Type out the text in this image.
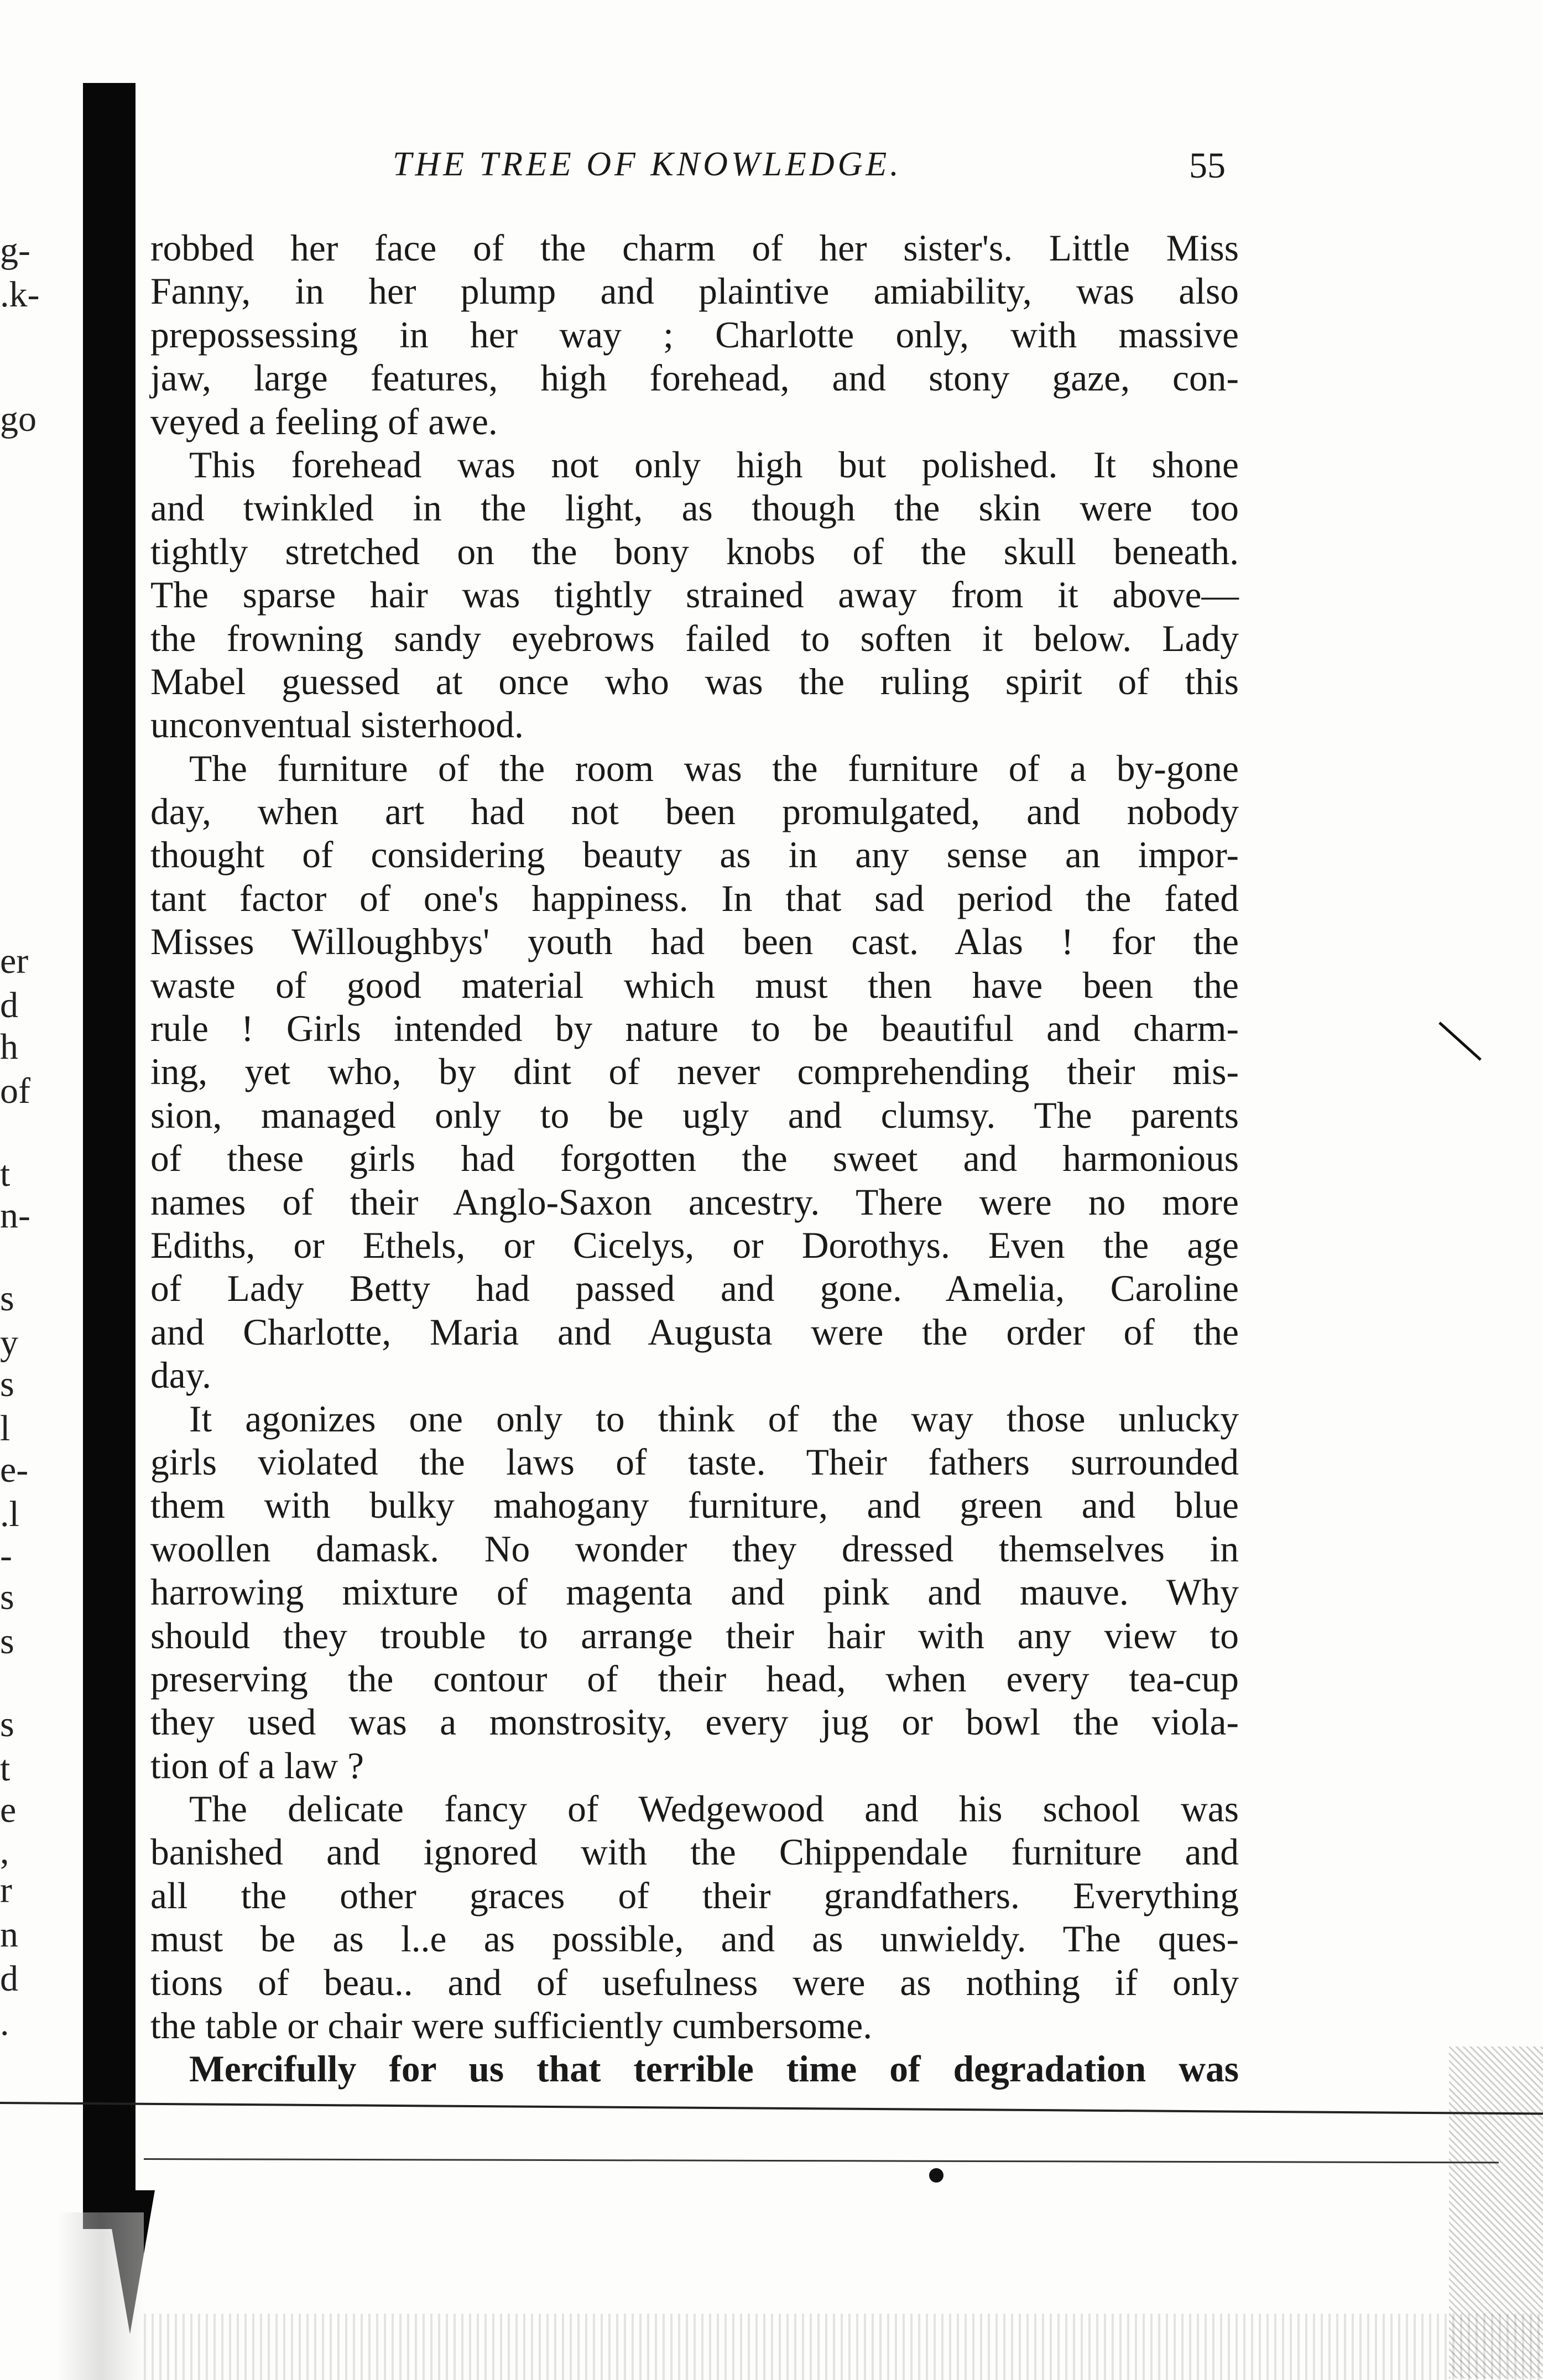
THE TREE OF KNOWLEDGE.	55
g-
.k-
go
er
d
h
of
t
n-
s
y
s
l
e-
.l
-
s
s
s
t
e
,
r
n
d
.
robbed her face of the charm of her sister's. Little Miss
Fanny, in her plump and plaintive amiability, was also
prepossessing in her way ; Charlotte only, with massive
jaw, large features, high forehead, and stony gaze, con-
veyed a feeling of awe.
This forehead was not only high but polished. It shone
and twinkled in the light, as though the skin were too
tightly stretched on the bony knobs of the skull beneath.
The sparse hair was tightly strained away from it above—
the frowning sandy eyebrows failed to soften it below. Lady
Mabel guessed at once who was the ruling spirit of this
unconventual sisterhood.
The furniture of the room was the furniture of a by-gone
day, when art had not been promulgated, and nobody
thought of considering beauty as in any sense an impor-
tant factor of one's happiness. In that sad period the fated
Misses Willoughbys' youth had been cast. Alas ! for the
waste of good material which must then have been the
rule ! Girls intended by nature to be beautiful and charm-
ing, yet who, by dint of never comprehending their mis-
sion, managed only to be ugly and clumsy. The parents
of these girls had forgotten the sweet and harmonious
names of their Anglo-Saxon ancestry. There were no more
Ediths, or Ethels, or Cicelys, or Dorothys. Even the age
of Lady Betty had passed and gone. Amelia, Caroline
and Charlotte, Maria and Augusta were the order of the
day.
It agonizes one only to think of the way those unlucky
girls violated the laws of taste. Their fathers surrounded
them with bulky mahogany furniture, and green and blue
woollen damask. No wonder they dressed themselves in
harrowing mixture of magenta and pink and mauve. Why
should they trouble to arrange their hair with any view to
preserving the contour of their head, when every tea-cup
they used was a monstrosity, every jug or bowl the viola-
tion of a law ?
The delicate fancy of Wedgewood and his school was
banished and ignored with the Chippendale furniture and
all the other graces of their grandfathers. Everything
must be as l..e as possible, and as unwieldy. The ques-
tions of beau.. and of usefulness were as nothing if only
the table or chair were sufficiently cumbersome.
Mercifully for us that terrible time of degradation was
